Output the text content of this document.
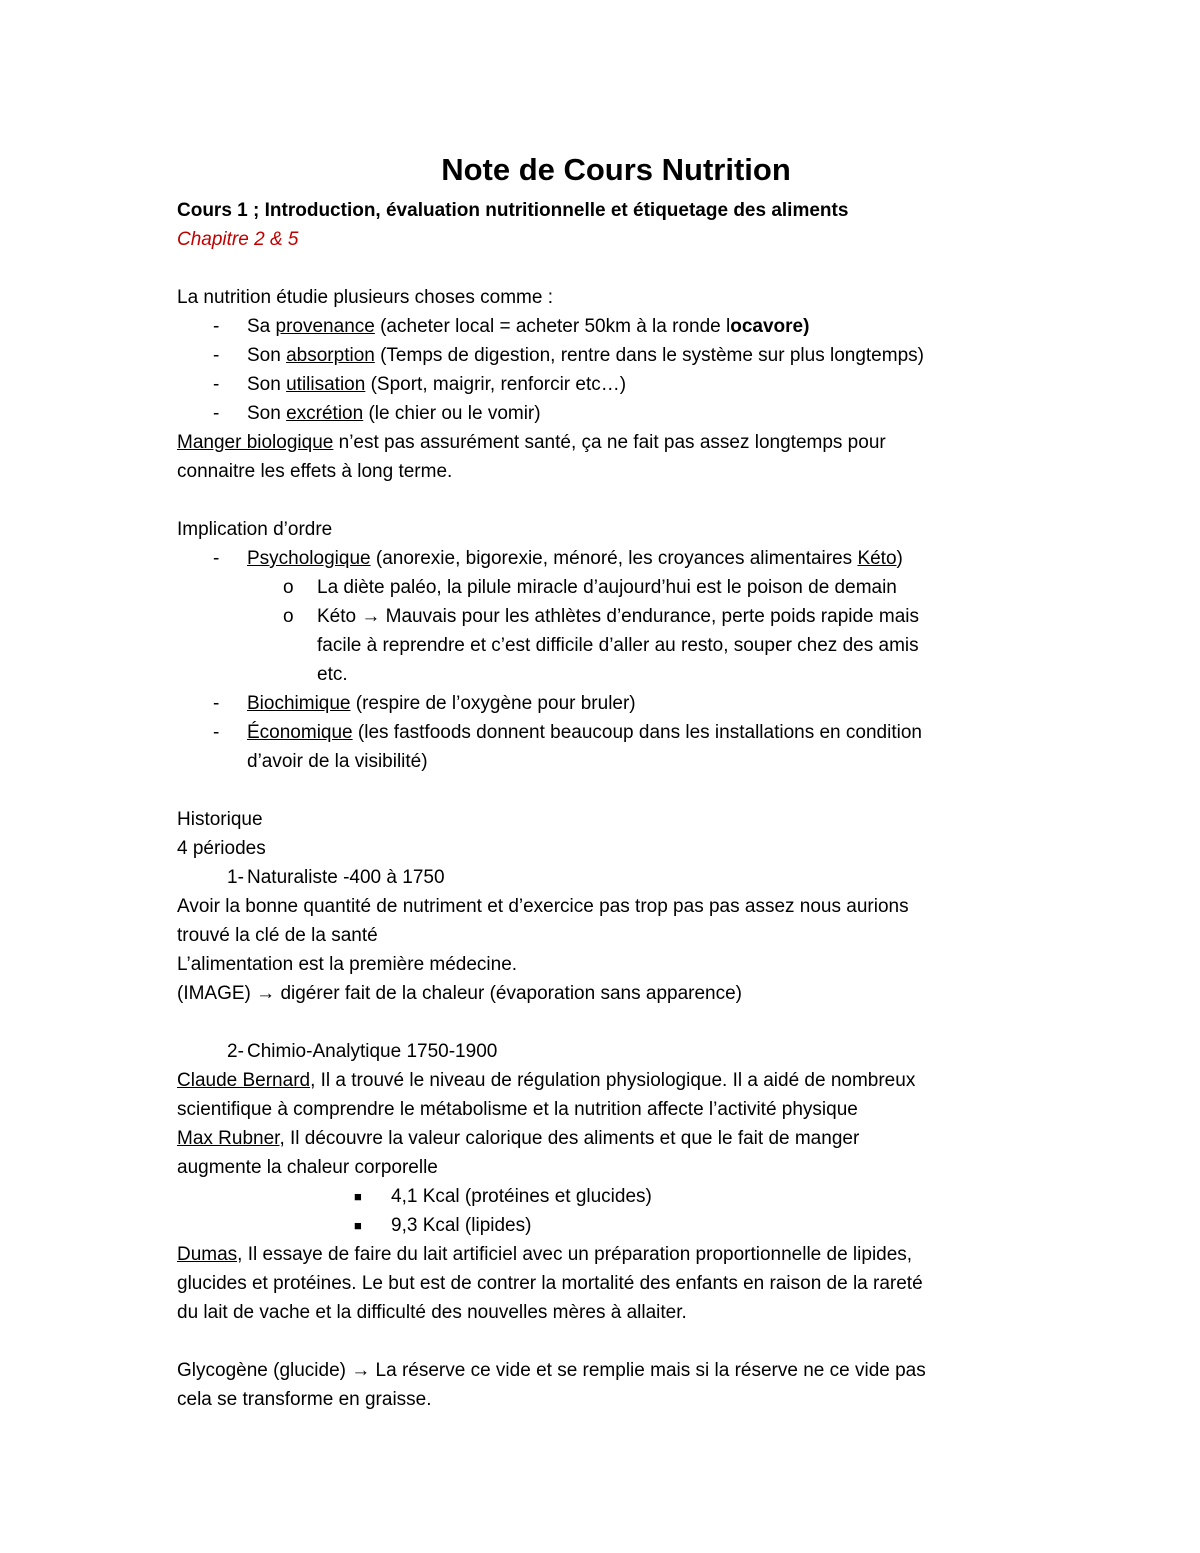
Note de Cours Nutrition
Cours 1 ; Introduction, évaluation nutritionnelle et étiquetage des aliments
Chapitre 2 & 5
La nutrition étudie plusieurs choses comme :
- Sa provenance (acheter local = acheter 50km à la ronde locavore)
- Son absorption (Temps de digestion, rentre dans le système sur plus longtemps)
- Son utilisation (Sport, maigrir, renforcir etc…)
- Son excrétion (le chier ou le vomir)
Manger biologique n’est pas assurément santé, ça ne fait pas assez longtemps pour
connaitre les effets à long terme.
Implication d’ordre
- Psychologique (anorexie, bigorexie, ménoré, les croyances alimentaires Kéto)
o La diète paléo, la pilule miracle d’aujourd’hui est le poison de demain
o Kéto → Mauvais pour les athlètes d’endurance, perte poids rapide mais
facile à reprendre et c’est difficile d’aller au resto, souper chez des amis
etc.
- Biochimique (respire de l’oxygène pour bruler)
- Économique (les fastfoods donnent beaucoup dans les installations en condition
d’avoir de la visibilité)
Historique
4 périodes
1- Naturaliste -400 à 1750
Avoir la bonne quantité de nutriment et d’exercice pas trop pas pas assez nous aurions
trouvé la clé de la santé
L’alimentation est la première médecine.
(IMAGE) → digérer fait de la chaleur (évaporation sans apparence)
2- Chimio-Analytique 1750-1900
Claude Bernard, Il a trouvé le niveau de régulation physiologique. Il a aidé de nombreux
scientifique à comprendre le métabolisme et la nutrition affecte l’activité physique
Max Rubner, Il découvre la valeur calorique des aliments et que le fait de manger
augmente la chaleur corporelle
■ 4,1 Kcal (protéines et glucides)
■ 9,3 Kcal (lipides)
Dumas, Il essaye de faire du lait artificiel avec un préparation proportionnelle de lipides,
glucides et protéines. Le but est de contrer la mortalité des enfants en raison de la rareté
du lait de vache et la difficulté des nouvelles mères à allaiter.
Glycogène (glucide) → La réserve ce vide et se remplie mais si la réserve ne ce vide pas
cela se transforme en graisse.
